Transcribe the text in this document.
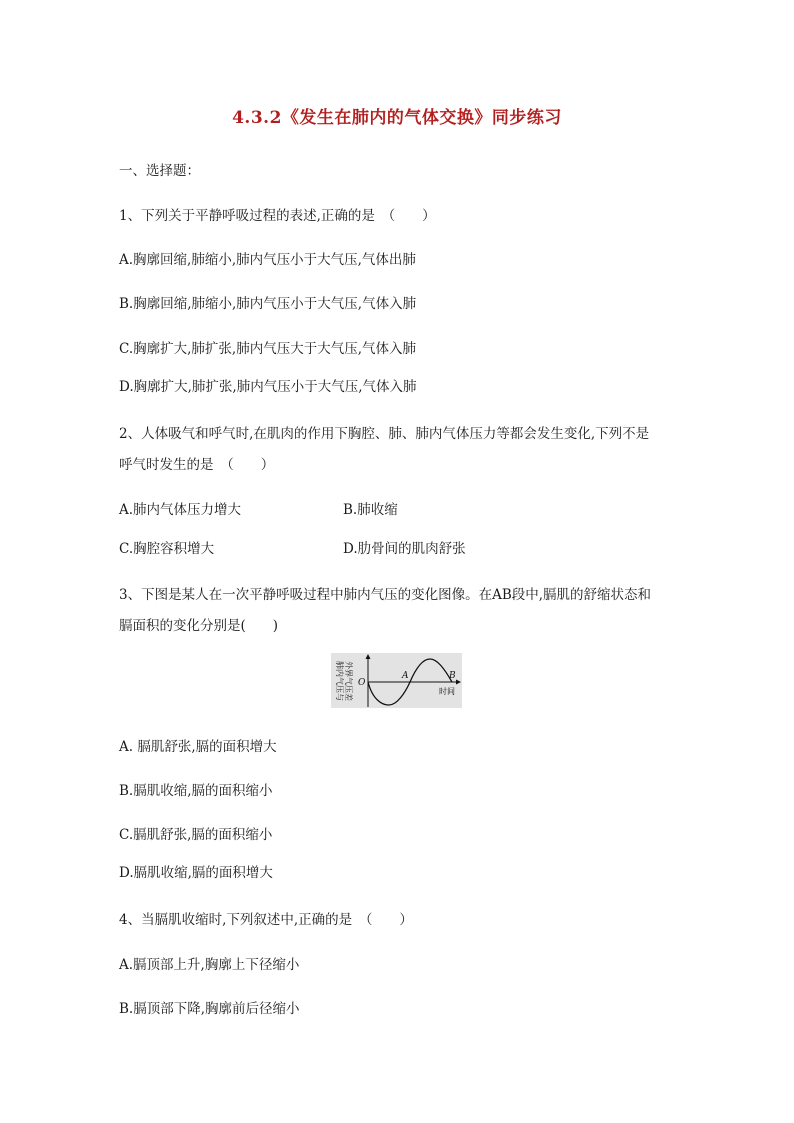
4.3.2《发生在肺内的气体交换》同步练习
一、选择题：
1、下列关于平静呼吸过程的表述,正确的是　（　　）
A.胸廓回缩,肺缩小,肺内气压小于大气压,气体出肺
B.胸廓回缩,肺缩小,肺内气压小于大气压,气体入肺
C.胸廓扩大,肺扩张,肺内气压大于大气压,气体入肺
D.胸廓扩大,肺扩张,肺内气压小于大气压,气体入肺
2、人体吸气和呼气时,在肌肉的作用下胸腔、肺、肺内气体压力等都会发生变化,下列不是
呼气时发生的是　（　　）
A.肺内气体压力增大	B.肺收缩
C.胸腔容积增大	D.肋骨间的肌肉舒张
3、下图是某人在一次平静呼吸过程中肺内气压的变化图像。在AB段中,膈肌的舒缩状态和
膈面积的变化分别是(　　)
肺内气压与 外界气压差 O
A	B
时间
A. 膈肌舒张,膈的面积增大
B.膈肌收缩,膈的面积缩小
C.膈肌舒张,膈的面积缩小
D.膈肌收缩,膈的面积增大
4、当膈肌收缩时,下列叙述中,正确的是　（　　）
A.膈顶部上升,胸廓上下径缩小
B.膈顶部下降,胸廓前后径缩小
